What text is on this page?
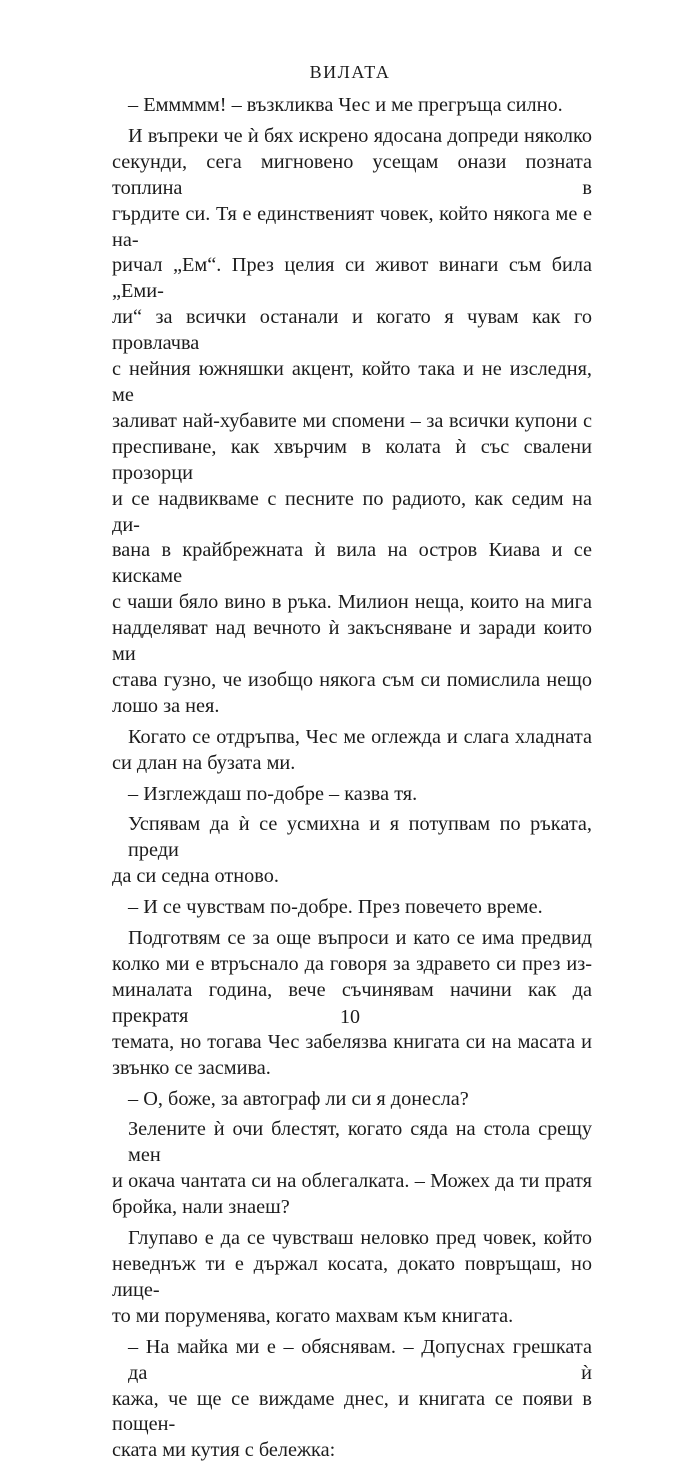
ВИЛАТА

– Еммммм! – възкликва Чес и ме прегръща силно.

И въпреки че ѝ бях искрено ядосана допреди няколко
секунди, сега мигновено усещам онази позната топлина в
гърдите си. Тя е единственият човек, който някога ме е на-
ричал „Ем“. През целия си живот винаги съм била „Еми-
ли“ за всички останали и когато я чувам как го провлачва
с нейния южняшки акцент, който така и не изследня, ме
заливат най-хубавите ми спомени – за всички купони с
преспиване, как хвърчим в колата ѝ със свалени прозорци
и се надвикваме с песните по радиото, как седим на ди-
вана в крайбрежната ѝ вила на остров Киава и се кискаме
с чаши бяло вино в ръка. Милион неща, които на мига
надделяват над вечното ѝ закъсняване и заради които ми
става гузно, че изобщо някога съм си помислила нещо
лошо за нея.

Когато се отдръпва, Чес ме оглежда и слага хладната
си длан на бузата ми.

– Изглеждаш по-добре – казва тя.

Успявам да ѝ се усмихна и я потупвам по ръката, преди
да си седна отново.

– И се чувствам по-добре. През повечето време.

Подготвям се за още въпроси и като се има предвид
колко ми е втръснало да говоря за здравето си през из-
миналата година, вече съчинявам начини как да прекратя
темата, но тогава Чес забелязва книгата си на масата и
звънко се засмива.

– О, боже, за автограф ли си я донесла?

Зелените ѝ очи блестят, когато сяда на стола срещу мен
и окача чантата си на облегалката. – Можех да ти пратя
бройка, нали знаеш?

Глупаво е да се чувстваш неловко пред човек, който
неведнъж ти е държал косата, докато повръщаш, но лице-
то ми поруменява, когато махвам към книгата.

– На майка ми е – обяснявам. – Допуснах грешката да ѝ
кажа, че ще се виждаме днес, и книгата се появи в пощен-
ската ми кутия с бележка:

10
